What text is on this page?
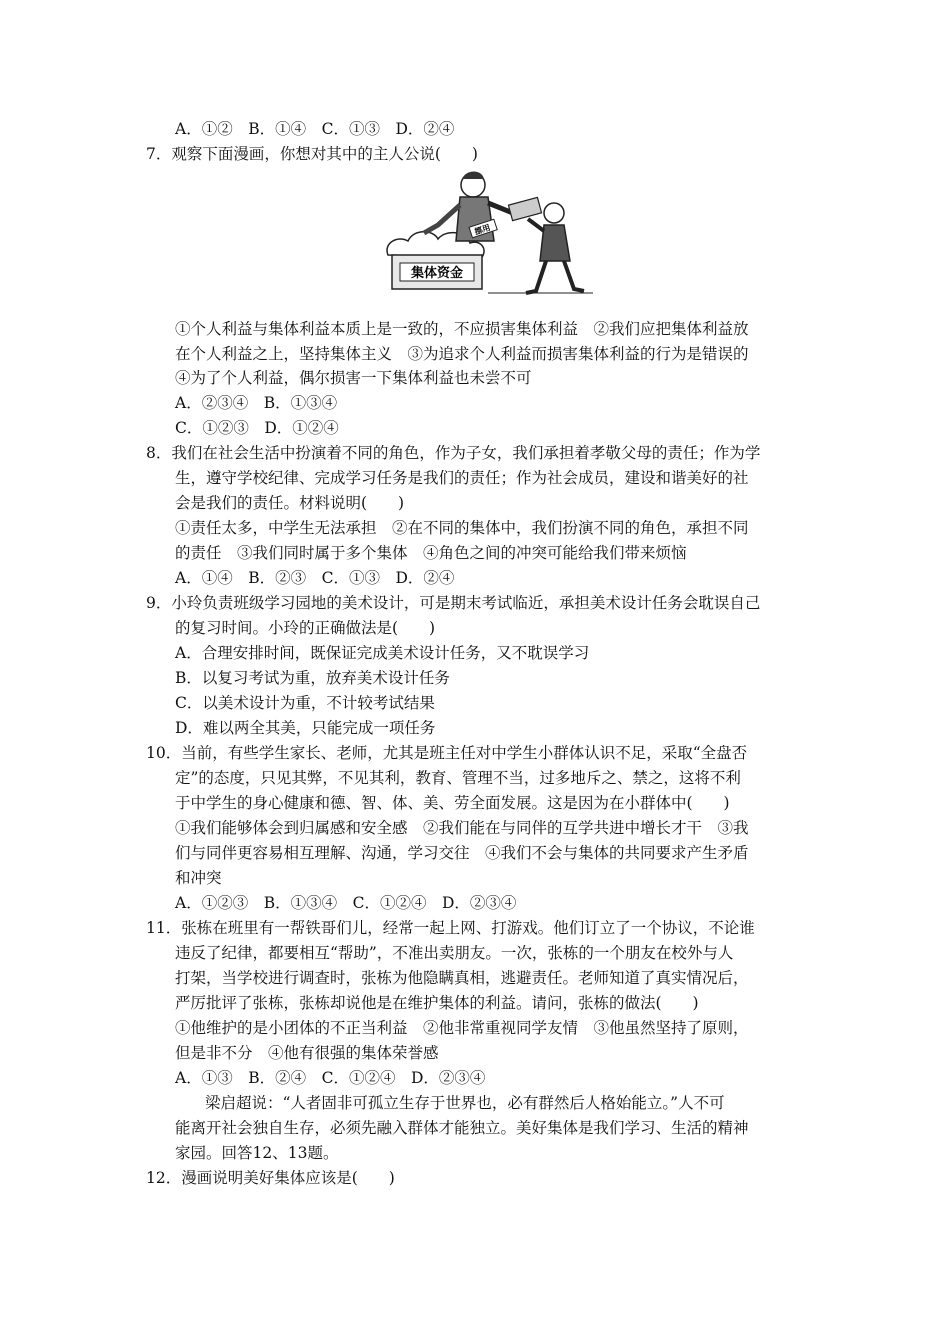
A．①②　B．①④　C．①③　D．②④
7．观察下面漫画，你想对其中的主人公说(　　)
集体资金
挪用
①个人利益与集体利益本质上是一致的，不应损害集体利益　②我们应把集体利益放
在个人利益之上，坚持集体主义　③为追求个人利益而损害集体利益的行为是错误的
④为了个人利益，偶尔损害一下集体利益也未尝不可
A．②③④　B．①③④
C．①②③　D．①②④
8．我们在社会生活中扮演着不同的角色，作为子女，我们承担着孝敬父母的责任；作为学
生，遵守学校纪律、完成学习任务是我们的责任；作为社会成员，建设和谐美好的社
会是我们的责任。材料说明(　　)
①责任太多，中学生无法承担　②在不同的集体中，我们扮演不同的角色，承担不同
的责任　③我们同时属于多个集体　④角色之间的冲突可能给我们带来烦恼
A．①④　B．②③　C．①③　D．②④
9．小玲负责班级学习园地的美术设计，可是期末考试临近，承担美术设计任务会耽误自己
的复习时间。小玲的正确做法是(　　)
A．合理安排时间，既保证完成美术设计任务，又不耽误学习
B．以复习考试为重，放弃美术设计任务
C．以美术设计为重，不计较考试结果
D．难以两全其美，只能完成一项任务
10．当前，有些学生家长、老师，尤其是班主任对中学生小群体认识不足，采取“全盘否
定”的态度，只见其弊，不见其利，教育、管理不当，过多地斥之、禁之，这将不利
于中学生的身心健康和德、智、体、美、劳全面发展。这是因为在小群体中(　　)
①我们能够体会到归属感和安全感　②我们能在与同伴的互学共进中增长才干　③我
们与同伴更容易相互理解、沟通，学习交往　④我们不会与集体的共同要求产生矛盾
和冲突
A．①②③　B．①③④　C．①②④　D．②③④
11．张栋在班里有一帮铁哥们儿，经常一起上网、打游戏。他们订立了一个协议，不论谁
违反了纪律，都要相互“帮助”，不准出卖朋友。一次，张栋的一个朋友在校外与人
打架，当学校进行调查时，张栋为他隐瞒真相，逃避责任。老师知道了真实情况后，
严厉批评了张栋，张栋却说他是在维护集体的利益。请问，张栋的做法(　　)
①他维护的是小团体的不正当利益　②他非常重视同学友情　③他虽然坚持了原则，
但是非不分　④他有很强的集体荣誉感
A．①③　B．②④　C．①②④　D．②③④
梁启超说：“人者固非可孤立生存于世界也，必有群然后人格始能立。”人不可
能离开社会独自生存，必须先融入群体才能独立。美好集体是我们学习、生活的精神
家园。回答12、13题。
12．漫画说明美好集体应该是(　　)
